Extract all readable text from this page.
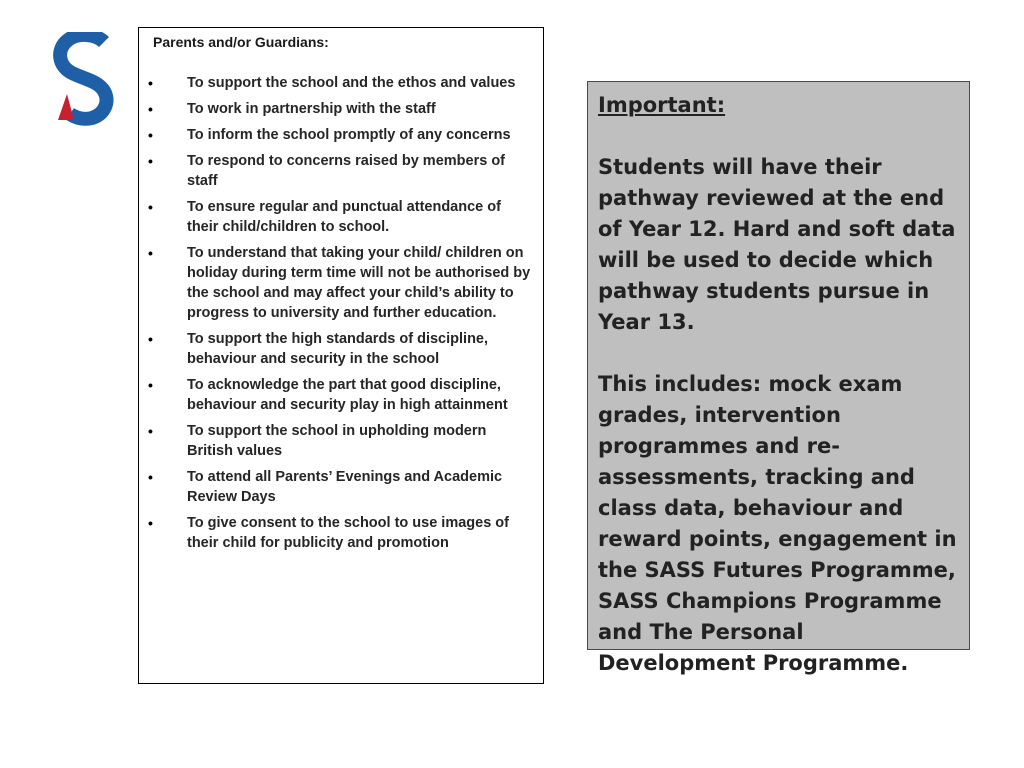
Parents and/or Guardians:
• To support the school and the ethos and values
• To work in partnership with the staff
• To inform the school promptly of any concerns
• To respond to concerns raised by members of staff
• To ensure regular and punctual attendance of their child/children to school.
• To understand that taking your child/ children on holiday during term time will not be authorised by the school and may affect your child’s ability to progress to university and further education.
• To support the high standards of discipline, behaviour and security in the school
• To acknowledge the part that good discipline, behaviour and security play in high attainment
• To support the school in upholding modern British values
• To attend all Parents’ Evenings and Academic Review Days
• To give consent to the school to use images of their child for publicity and promotion
Important:

Students will have their pathway reviewed at the end of Year 12. Hard and soft data will be used to decide which pathway students pursue in Year 13.

This includes: mock exam grades, intervention programmes and re-assessments, tracking and class data, behaviour and reward points, engagement in the SASS Futures Programme, SASS Champions Programme and The Personal Development Programme.
